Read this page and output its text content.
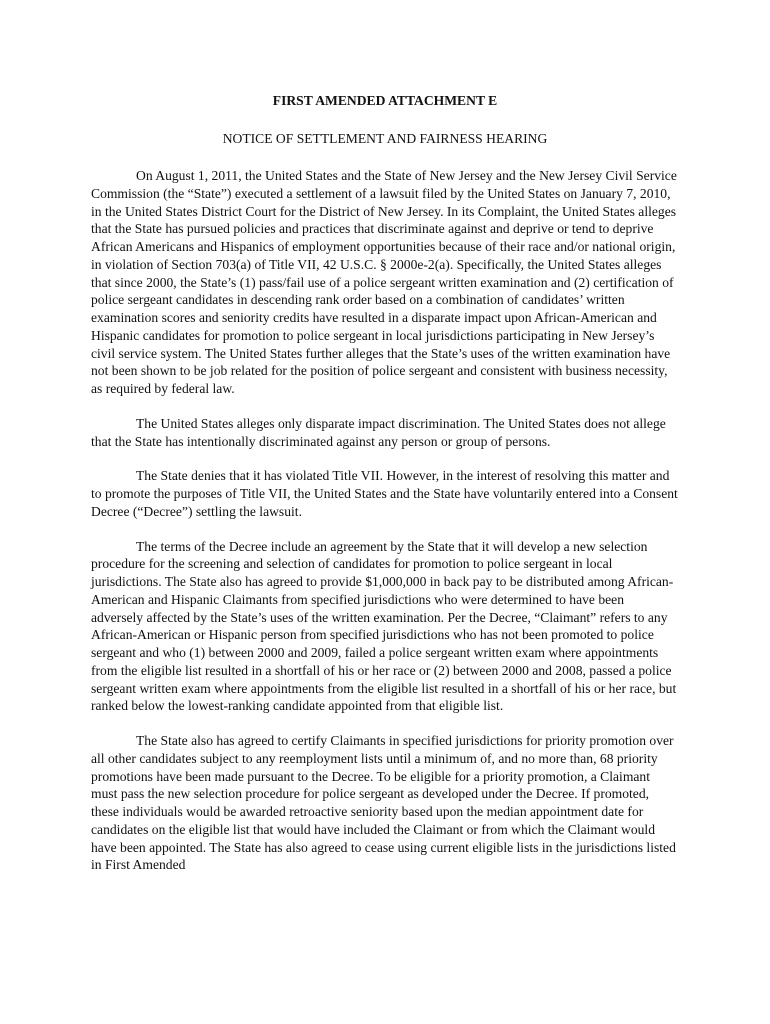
FIRST AMENDED ATTACHMENT E

NOTICE OF SETTLEMENT AND FAIRNESS HEARING

On August 1, 2011, the United States and the State of New Jersey and the New Jersey Civil Service Commission (the “State”) executed a settlement of a lawsuit filed by the United States on January 7, 2010, in the United States District Court for the District of New Jersey. In its Complaint, the United States alleges that the State has pursued policies and practices that discriminate against and deprive or tend to deprive African Americans and Hispanics of employment opportunities because of their race and/or national origin, in violation of Section 703(a) of Title VII, 42 U.S.C. § 2000e-2(a). Specifically, the United States alleges that since 2000, the State’s (1) pass/fail use of a police sergeant written examination and (2) certification of police sergeant candidates in descending rank order based on a combination of candidates’ written examination scores and seniority credits have resulted in a disparate impact upon African-American and Hispanic candidates for promotion to police sergeant in local jurisdictions participating in New Jersey’s civil service system. The United States further alleges that the State’s uses of the written examination have not been shown to be job related for the position of police sergeant and consistent with business necessity, as required by federal law.

The United States alleges only disparate impact discrimination. The United States does not allege that the State has intentionally discriminated against any person or group of persons.

The State denies that it has violated Title VII. However, in the interest of resolving this matter and to promote the purposes of Title VII, the United States and the State have voluntarily entered into a Consent Decree (“Decree”) settling the lawsuit.

The terms of the Decree include an agreement by the State that it will develop a new selection procedure for the screening and selection of candidates for promotion to police sergeant in local jurisdictions. The State also has agreed to provide $1,000,000 in back pay to be distributed among African-American and Hispanic Claimants from specified jurisdictions who were determined to have been adversely affected by the State’s uses of the written examination. Per the Decree, “Claimant” refers to any African-American or Hispanic person from specified jurisdictions who has not been promoted to police sergeant and who (1) between 2000 and 2009, failed a police sergeant written exam where appointments from the eligible list resulted in a shortfall of his or her race or (2) between 2000 and 2008, passed a police sergeant written exam where appointments from the eligible list resulted in a shortfall of his or her race, but ranked below the lowest-ranking candidate appointed from that eligible list.

The State also has agreed to certify Claimants in specified jurisdictions for priority promotion over all other candidates subject to any reemployment lists until a minimum of, and no more than, 68 priority promotions have been made pursuant to the Decree. To be eligible for a priority promotion, a Claimant must pass the new selection procedure for police sergeant as developed under the Decree. If promoted, these individuals would be awarded retroactive seniority based upon the median appointment date for candidates on the eligible list that would have included the Claimant or from which the Claimant would have been appointed. The State has also agreed to cease using current eligible lists in the jurisdictions listed in First Amended
